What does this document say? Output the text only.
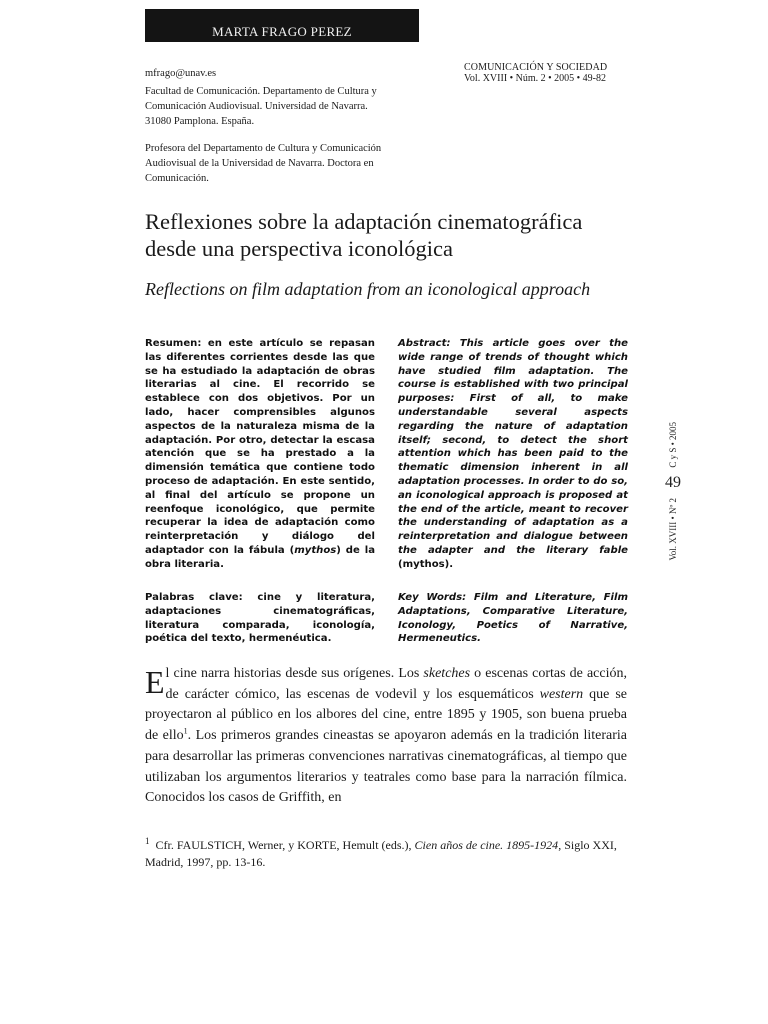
MARTA FRAGO PEREZ
COMUNICACIÓN Y SOCIEDAD
Vol. XVIII • Núm. 2 • 2005 • 49-82

mfrago@unav.es

Facultad de Comunicación. Departamento de Cultura y

Comunicación Audiovisual. Universidad de Navarra.

31080 Pamplona. España.

Profesora del Departamento de Cultura y Comunicación

Audiovisual de la Universidad de Navarra. Doctora en

Comunicación.

Reflexiones sobre la adaptación cinematográfica
desde una perspectiva iconológica
Reflections on film adaptation from an iconological approach
Resumen: en este artículo se repasan las diferentes corrientes desde las que se ha estudiado la adaptación de obras literarias al cine. El recorrido se establece con dos objetivos. Por un lado, hacer comprensibles algunos aspectos de la naturaleza misma de la adaptación. Por otro, detectar la escasa atención que se ha prestado a la dimensión temática que contiene todo proceso de adaptación. En este sentido, al final del artículo se propone un reenfoque iconológico, que permite recuperar la idea de adaptación como reinterpretación y diálogo del adaptador con la fábula (mythos) de la obra literaria.
Abstract: This article goes over the wide range of trends of thought which have studied film adaptation. The course is established with two principal purposes: First of all, to make understandable several aspects regarding the nature of adaptation itself; second, to detect the short attention which has been paid to the thematic dimension inherent in all adaptation processes. In order to do so, an iconological approach is proposed at the end of the article, meant to recover the understanding of adaptation as a reinterpretation and dialogue between the adapter and the literary fable (mythos).
Palabras clave: cine y literatura, adaptaciones cinematográficas, literatura comparada, iconología, poética del texto, hermenéutica.
Key Words: Film and Literature, Film Adaptations, Comparative Literature, Iconology, Poetics of Narrative, Hermeneutics.
C y S • 2005
49
Vol. XVIII • Nº 2
El cine narra historias desde sus orígenes. Los sketches o escenas cortas de acción, de carácter cómico, las escenas de vodevil y los esquemáticos western que se proyectaron al público en los albores del cine, entre 1895 y 1905, son buena prueba de ello$^1$. Los primeros grandes cineastas se apoyaron además en la tradición literaria para desarrollar las primeras convenciones narrativas cinematográficas, al tiempo que utilizaban los argumentos literarios y teatrales como base para la narración fílmica. Conocidos los casos de Griffith, en
$^1$ Cfr. FAULSTICH, Werner, y KORTE, Hemult (eds.), Cien años de cine. 1895-1924, Siglo XXI, Madrid, 1997, pp. 13-16.
